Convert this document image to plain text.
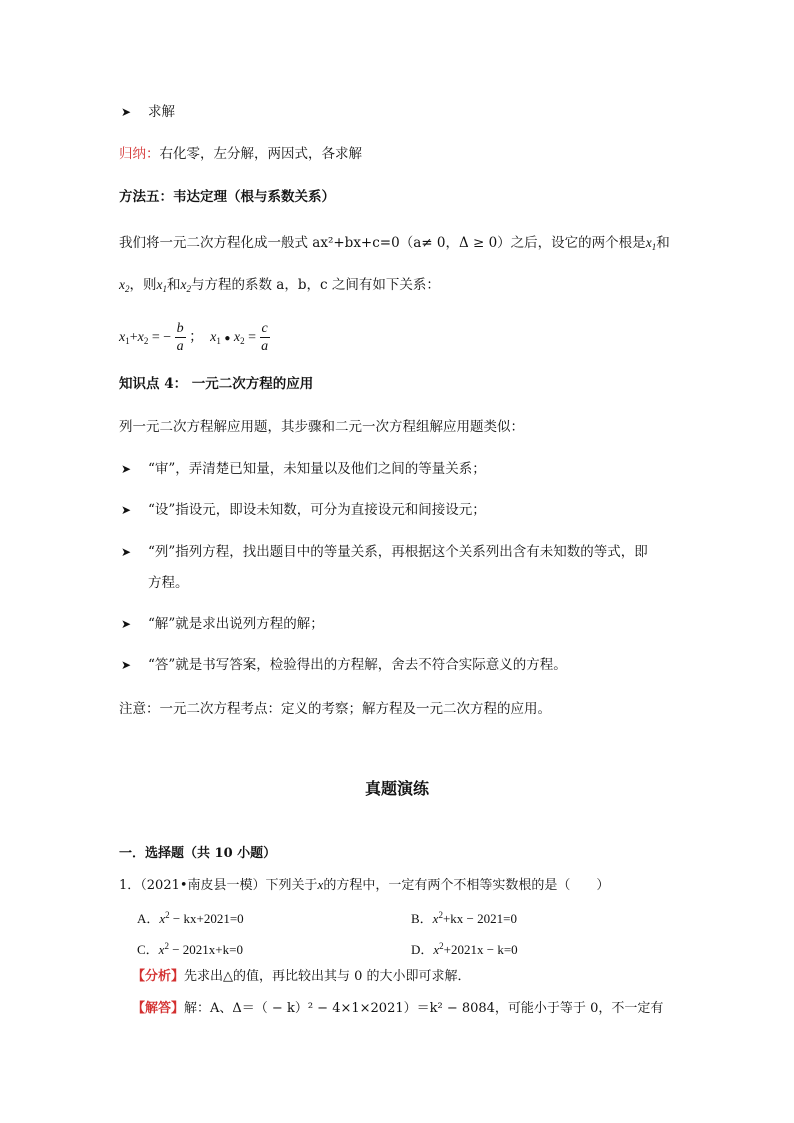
➤ 求解
归纳：右化零，左分解，两因式，各求解
方法五：韦达定理（根与系数关系）
我们将一元二次方程化成一般式 ax²+bx+c=0（a≠ 0，Δ ≥ 0）之后，设它的两个根是$x_1$和
$x_2$，则$x_1$和$x_2$与方程的系数 a，b，c 之间有如下关系：
$x_1+x_2$ = − $\frac{b}{a}$ ； $x_1$ ● $x_2 = \frac{c}{a}$
知识点 4： 一元二次方程的应用
列一元二次方程解应用题，其步骤和二元一次方程组解应用题类似：
➤ “审”，弄清楚已知量，未知量以及他们之间的等量关系；
➤ “设”指设元，即设未知数，可分为直接设元和间接设元；
➤ “列”指列方程，找出题目中的等量关系，再根据这个关系列出含有未知数的等式，即
方程。
➤ “解”就是求出说列方程的解；
➤ “答”就是书写答案，检验得出的方程解，舍去不符合实际意义的方程。
注意：一元二次方程考点：定义的考察；解方程及一元二次方程的应用。
真题演练
一．选择题（共 10 小题）
1．（2021•南皮县一模）下列关于x的方程中，一定有两个不相等实数根的是（　　）
A．$x^2 - kx+2021=0$	B．$x^2+kx - 2021=0$
C．$x^2 - 2021x+k=0$	D．$x^2+2021x - k=0$
【分析】先求出△的值，再比较出其与 0 的大小即可求解．
【解答】解：A、Δ＝（ − k）² − 4×1×2021）＝k² − 8084，可能小于等于 0，不一定有
